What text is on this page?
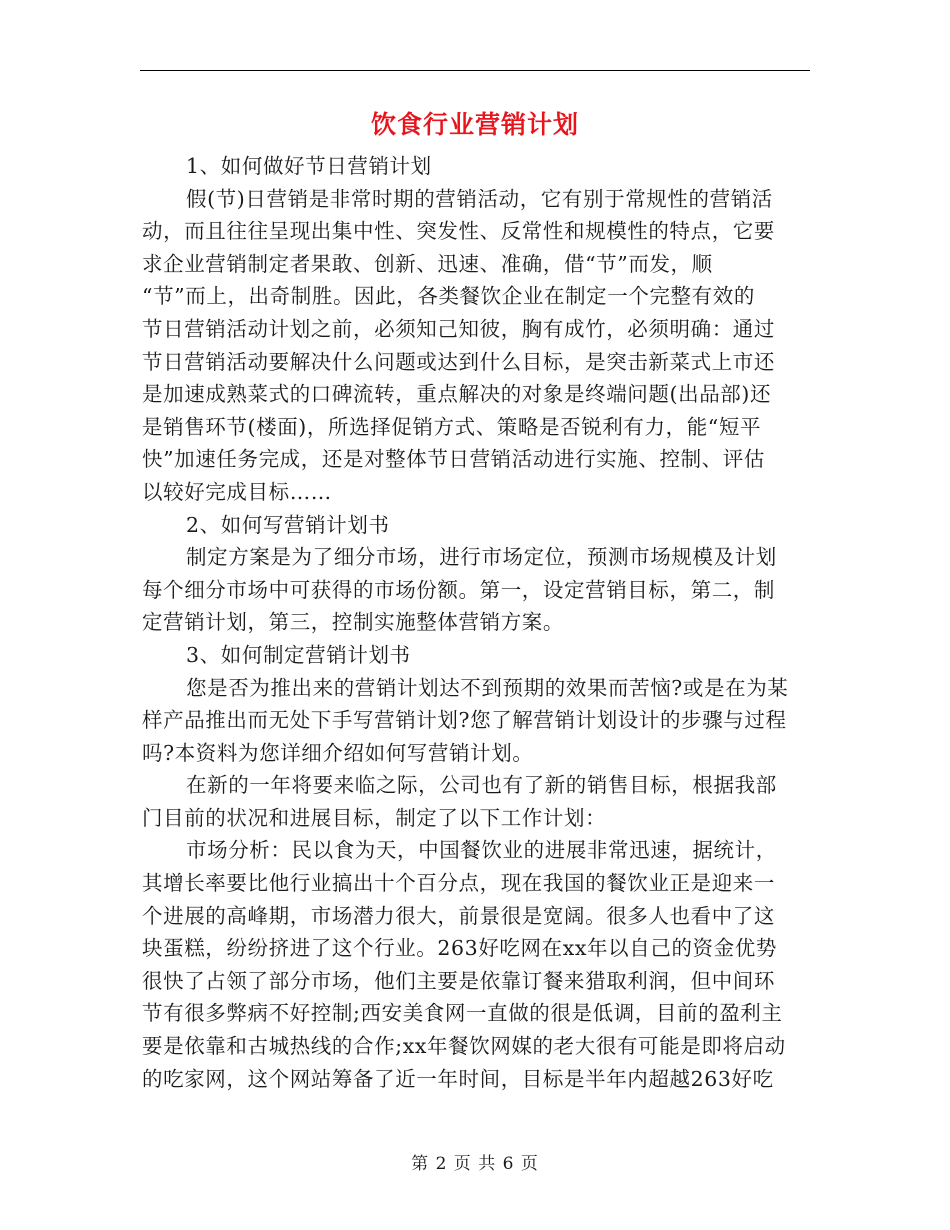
饮食行业营销计划
1、如何做好节日营销计划
假(节)日营销是非常时期的营销活动，它有别于常规性的营销活
动，而且往往呈现出集中性、突发性、反常性和规模性的特点，它要
求企业营销制定者果敢、创新、迅速、准确，借“节”而发，顺
“节”而上，出奇制胜。因此，各类餐饮企业在制定一个完整有效的
节日营销活动计划之前，必须知己知彼，胸有成竹，必须明确：通过
节日营销活动要解决什么问题或达到什么目标，是突击新菜式上市还
是加速成熟菜式的口碑流转，重点解决的对象是终端问题(出品部)还
是销售环节(楼面)，所选择促销方式、策略是否锐利有力，能“短平
快”加速任务完成，还是对整体节日营销活动进行实施、控制、评估
以较好完成目标……
2、如何写营销计划书
制定方案是为了细分市场，进行市场定位，预测市场规模及计划
每个细分市场中可获得的市场份额。第一，设定营销目标，第二，制
定营销计划，第三，控制实施整体营销方案。
3、如何制定营销计划书
您是否为推出来的营销计划达不到预期的效果而苦恼?或是在为某
样产品推出而无处下手写营销计划?您了解营销计划设计的步骤与过程
吗?本资料为您详细介绍如何写营销计划。
在新的一年将要来临之际，公司也有了新的销售目标，根据我部
门目前的状况和进展目标，制定了以下工作计划：
市场分析：民以食为天，中国餐饮业的进展非常迅速，据统计，
其增长率要比他行业搞出十个百分点，现在我国的餐饮业正是迎来一
个进展的高峰期，市场潜力很大，前景很是宽阔。很多人也看中了这
块蛋糕，纷纷挤进了这个行业。263好吃网在xx年以自己的资金优势
很快了占领了部分市场，他们主要是依靠订餐来猎取利润，但中间环
节有很多弊病不好控制;西安美食网一直做的很是低调，目前的盈利主
要是依靠和古城热线的合作;xx年餐饮网媒的老大很有可能是即将启动
的吃家网，这个网站筹备了近一年时间，目标是半年内超越263好吃
第 2 页 共 6 页
